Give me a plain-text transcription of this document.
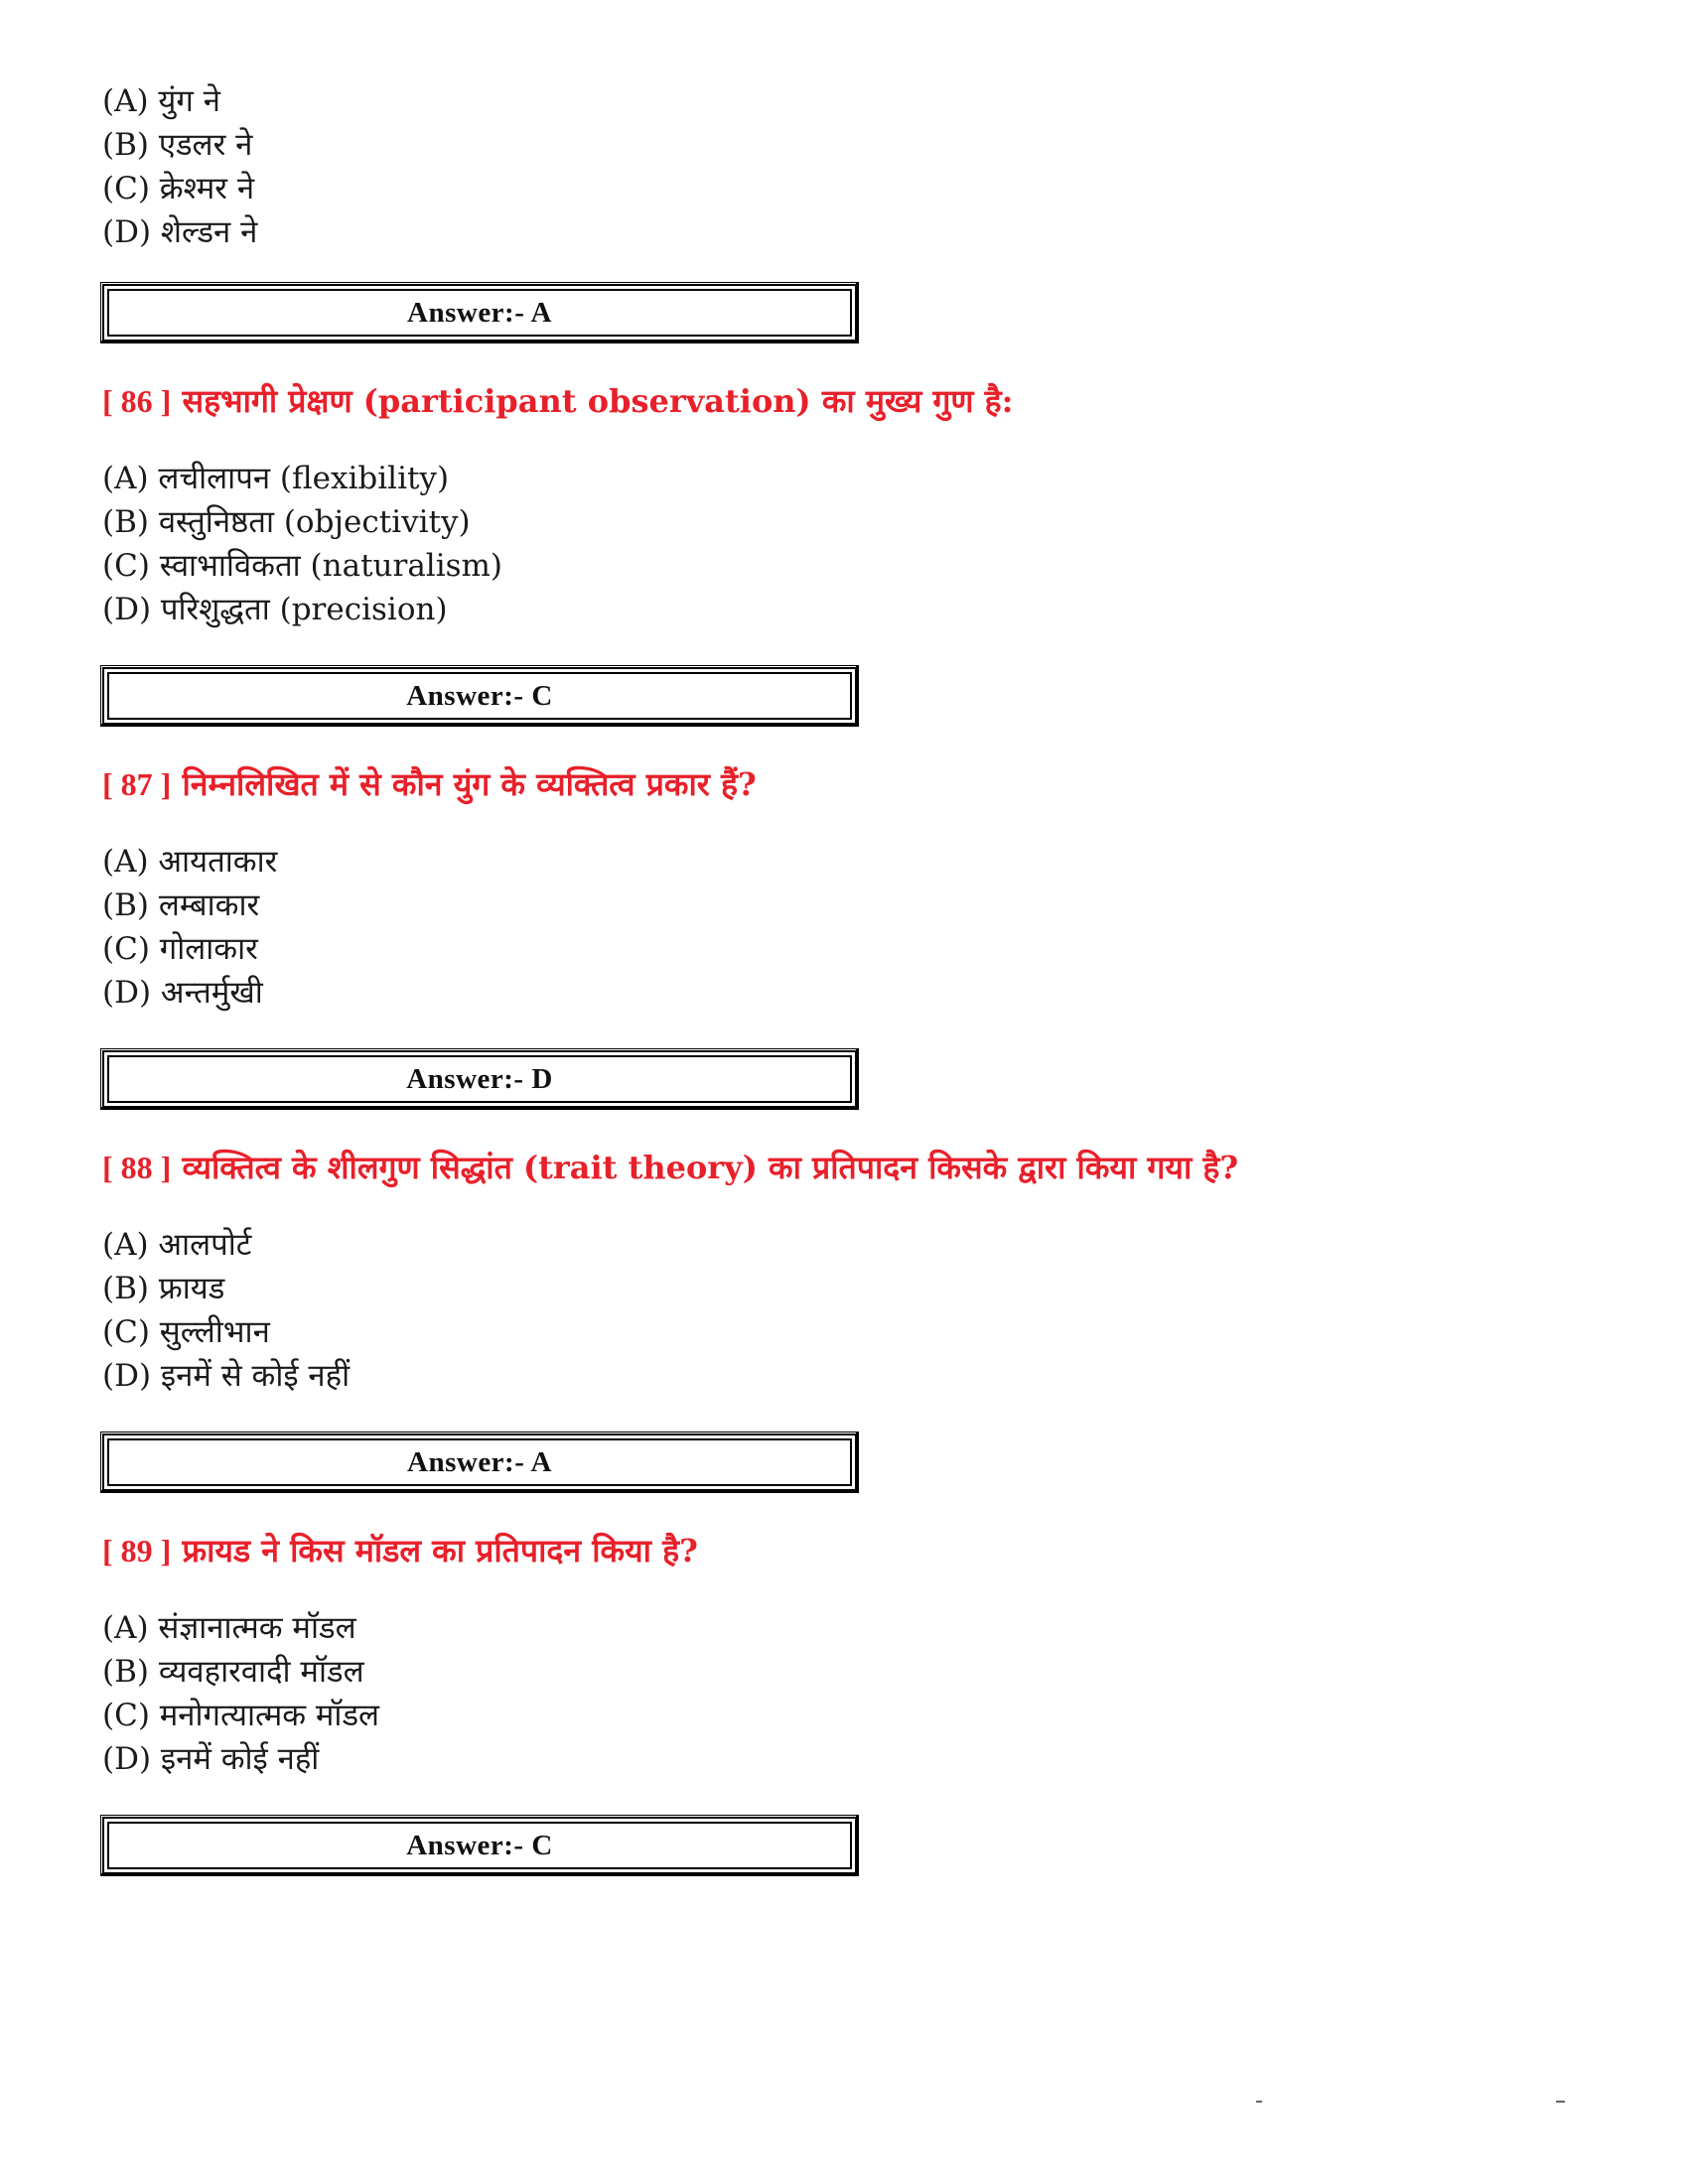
(A) युंग ने
(B) एडलर ने
(C) क्रेश्मर ने
(D) शेल्डन ने
Answer:- A
[ 86 ] सहभागी प्रेक्षण (participant observation) का मुख्य गुण है:
(A) लचीलापन (flexibility)
(B) वस्तुनिष्ठता (objectivity)
(C) स्वाभाविकता (naturalism)
(D) परिशुद्धता (precision)
Answer:- C
[ 87 ] निम्नलिखित में से कौन युंग के व्यक्तित्व प्रकार हैं?
(A) आयताकार
(B) लम्बाकार
(C) गोलाकार
(D) अन्तर्मुखी
Answer:- D
[ 88 ] व्यक्तित्व के शीलगुण सिद्धांत (trait theory) का प्रतिपादन किसके द्वारा किया गया है?
(A) आलपोर्ट
(B) फ्रायड
(C) सुल्लीभान
(D) इनमें से कोई नहीं
Answer:- A
[ 89 ] फ्रायड ने किस मॉडल का प्रतिपादन किया है?
(A) संज्ञानात्मक मॉडल
(B) व्यवहारवादी मॉडल
(C) मनोगत्यात्मक मॉडल
(D) इनमें कोई नहीं
Answer:- C
